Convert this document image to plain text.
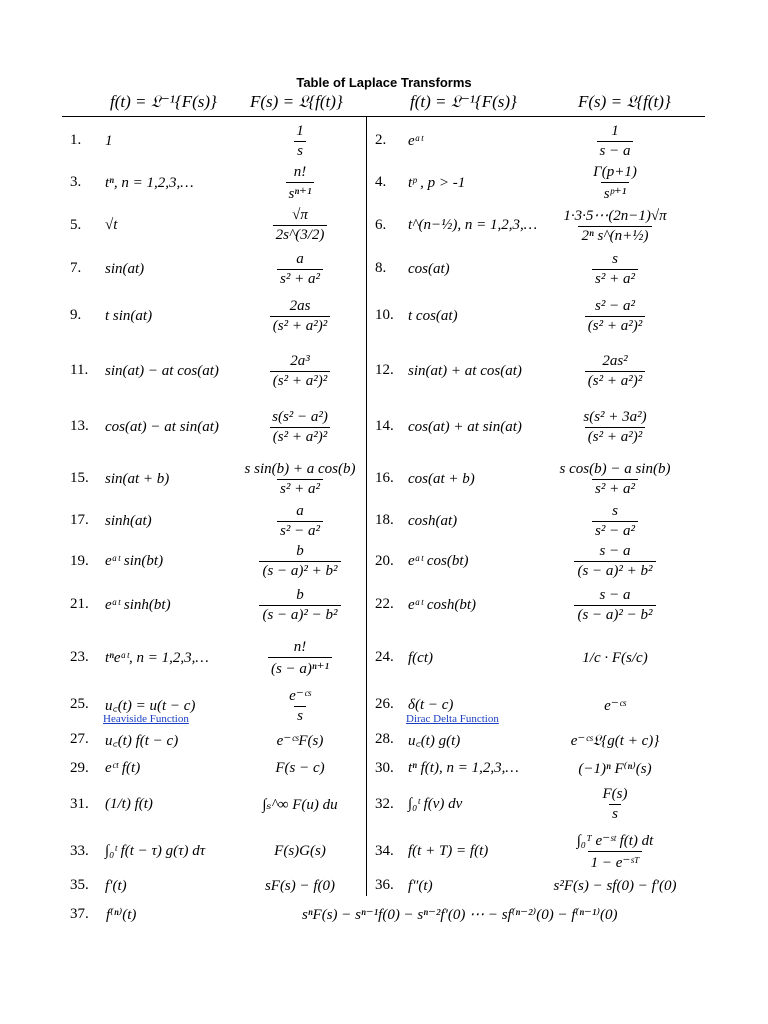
Table of Laplace Transforms
f(t) = 𝔏⁻¹{F(s)} F(s) = 𝔏{f(t)}	f(t) = 𝔏⁻¹{F(s)}	F(s) = 𝔏{f(t)}
1. 1	$\frac{1}{s}$	2. eᵃᵗ	$\frac{1}{s - a}$
3. tⁿ, n = 1,2,3,…	$\frac{n!}{\text{sⁿ⁺¹}}$	4. tᵖ , p > -1	$\frac{\Gamma(p+1)}{\text{sᵖ⁺¹}}$
5. √t	$\frac{√\pi}{2s\^{}(3/2)}$	6. t^(n−½), n = 1,2,3,… $\frac{1\cdot 3\cdot 5\cdots(2n-1)√\pi}{\text{2ⁿ s\textasciicircum{}(n+½)}}$
7. sin(at)	$\frac{a}{\text{s² + a²}}$	8. cos(at)	$\frac{s}{\text{s² + a²}}$
9. t sin(at)	$\frac{2as}{\text{(s² + a²)²}}$	10. t cos(at)	$\frac{\text{s² − a²}}{\text{(s² + a²)²}}$
11. sin(at) − at cos(at)	$\frac{\text{2a³}}{\text{(s² + a²)²}}$	12. sin(at) + at cos(at)	$\frac{\text{2as²}}{\text{(s² + a²)²}}$
13. cos(at) − at sin(at)	$\frac{\text{s(s² − a²)}}{\text{(s² + a²)²}}$	14. cos(at) + at sin(at)	$\frac{\text{s(s² + 3a²)}}{\text{(s² + a²)²}}$
15. sin(at + b)	$\frac{\text{s sin(b) + a cos(b)}}{\text{s² + a²}} 16$. cos(at + b)	$\frac{\text{s cos(b) − a sin(b)}}{\text{s² + a²}}$
17. sinh(at)	$\frac{a}{\text{s² − a²}}$	18. cosh(at)	$\frac{s}{\text{s² − a²}}$
19. eᵃᵗ sin(bt)	$\frac{b}{\text{(s − a)² + b²}} 20$. eᵃᵗ cos(bt)	$\frac{s - a}{\text{(s − a)² + b²}}$
21. eᵃᵗ sinh(bt)	$\frac{b}{\text{(s − a)² − b²}} 22$. eᵃᵗ cosh(bt)	$\frac{s - a}{\text{(s − a)² − b²}}$
23. tⁿeᵃᵗ, n = 1,2,3,…	$\frac{n!}{\text{(s − a)ⁿ⁺¹}}$	24. f(ct)	1/c · F(s/c)
25. u꜀(t) = u(t − c)	$\frac{\text{e⁻ᶜˢ}}{s}$
Heaviside Function
26. δ(t − c)	e⁻ᶜˢ
Dirac Delta Function
27. u꜀(t) f(t − c)	e⁻ᶜˢF(s)	28. u꜀(t) g(t)	e⁻ᶜˢ𝔏{g(t + c)}
29. eᶜᵗ f(t)	F(s − c)	30. tⁿ f(t), n = 1,2,3,…	(−1)ⁿ F⁽ⁿ⁾(s)
31. (1/t) f(t)	∫ₛ^∞ F(u) du 32. ∫₀ᵗ f(v) dv	$\frac{F(s)}{s}$
33. ∫₀ᵗ f(t − τ) g(τ) dτ	F(s)G(s)	34. f(t + T) = f(t)	$\frac{\text{∫₀ᵀ e⁻ˢᵗ f(t) dt}}{\text{1 − e⁻ˢᵀ}}$
35. f′(t)	sF(s) − f(0)	36. f″(t)	s²F(s) − sf(0) − f′(0)
37. f⁽ⁿ⁾(t)	sⁿF(s) − sⁿ⁻¹f(0) − sⁿ⁻²f′(0) ⋯ − sf⁽ⁿ⁻²⁾(0) − f⁽ⁿ⁻¹⁾(0)
